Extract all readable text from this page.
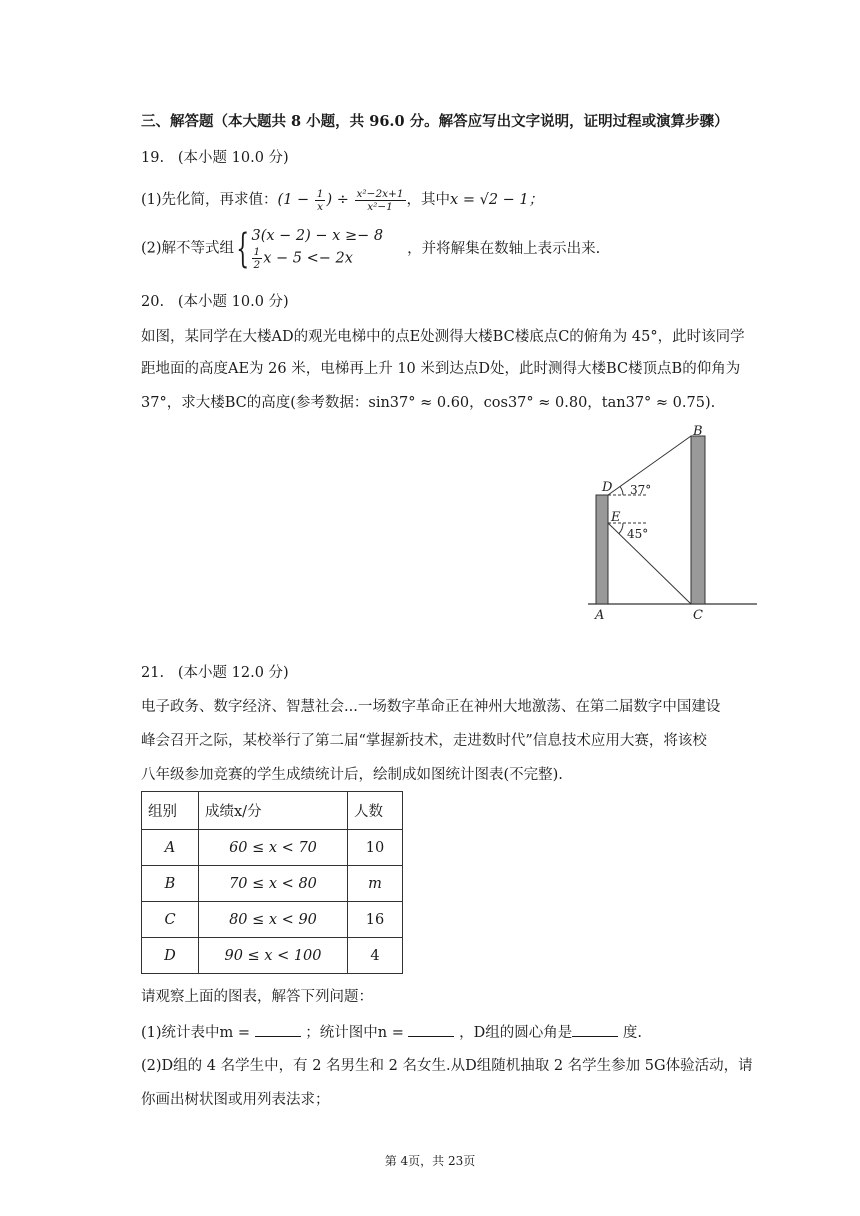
三、解答题（本大题共 8 小题，共 96.0 分。解答应写出文字说明，证明过程或演算步骤）
19. (本小题 10.0 分)
(1)先化简，再求值：($1 - \frac{1}{x}$ ) ÷ $\frac{\text{x²−2x+1}}{\text{x²−1}}$ ，其中x = √2 − 1；
(2)解不等式组{ 3(x − 2) − x ≥− 8
$\frac{1}{2}$ x − 5 <− 2x
，并将解集在数轴上表示出来.
20. (本小题 10.0 分)
如图，某同学在大楼AD的观光电梯中的点E处测得大楼BC楼底点C的俯角为 45°，此时该同学
距地面的高度AE为 26 米，电梯再上升 10 米到达点D处，此时测得大楼BC楼顶点B的仰角为
37°，求大楼BC的高度(参考数据：sin37° ≈ 0.60，cos37° ≈ 0.80，tan37° ≈ 0.75).
B
D
E
A	C
37°
45°
21. (本小题 12.0 分)
电子政务、数字经济、智慧社会...一场数字革命正在神州大地激荡、在第二届数字中国建设
峰会召开之际，某校举行了第二届“掌握新技术，走进数时代”信息技术应用大赛，将该校
八年级参加竞赛的学生成绩统计后，绘制成如图统计图表(不完整).
组别	成绩x/分	人数
A	60 ≤ x < 70	10
B	70 ≤ x < 80	m
C	80 ≤ x < 90	16
D	90 ≤ x < 100	4
请观察上面的图表，解答下列问题：
(1)统计表中m =	；统计图中n =	，D组的圆心角是	度.
(2)D组的 4 名学生中，有 2 名男生和 2 名女生.从D组随机抽取 2 名学生参加 5G体验活动，请
你画出树状图或用列表法求；
第 4页，共 23页
